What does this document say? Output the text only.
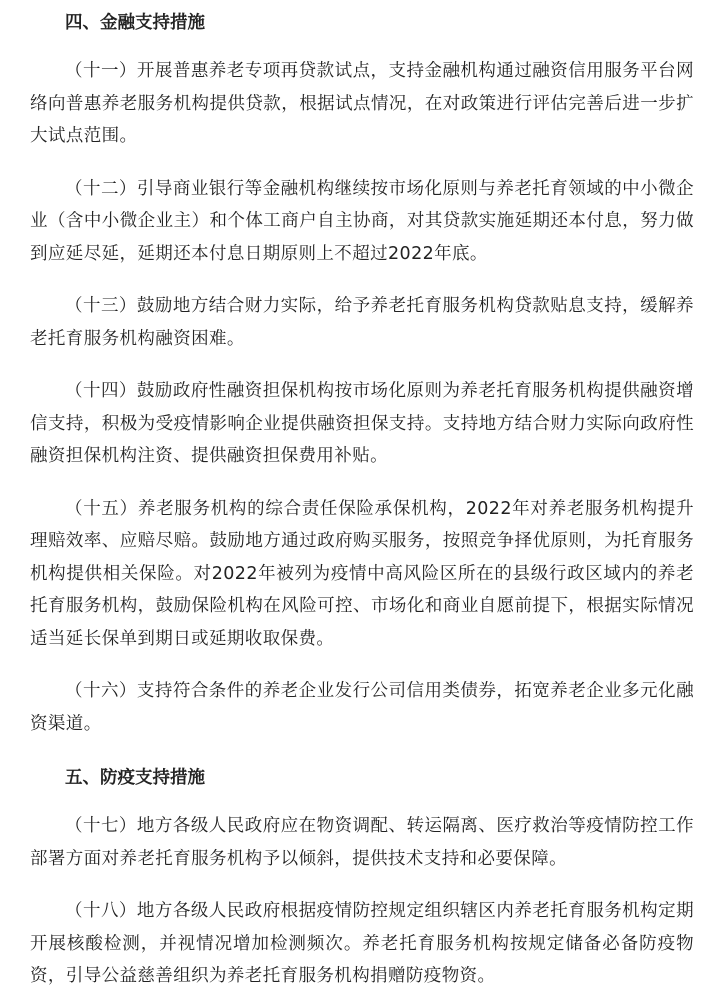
四、金融支持措施

（十一）开展普惠养老专项再贷款试点，支持金融机构通过融资信用服务平台网络向普惠养老服务机构提供贷款，根据试点情况，在对政策进行评估完善后进一步扩大试点范围。

（十二）引导商业银行等金融机构继续按市场化原则与养老托育领域的中小微企业（含中小微企业主）和个体工商户自主协商，对其贷款实施延期还本付息，努力做到应延尽延，延期还本付息日期原则上不超过2022年底。

（十三）鼓励地方结合财力实际，给予养老托育服务机构贷款贴息支持，缓解养老托育服务机构融资困难。

（十四）鼓励政府性融资担保机构按市场化原则为养老托育服务机构提供融资增信支持，积极为受疫情影响企业提供融资担保支持。支持地方结合财力实际向政府性融资担保机构注资、提供融资担保费用补贴。

（十五）养老服务机构的综合责任保险承保机构，2022年对养老服务机构提升理赔效率、应赔尽赔。鼓励地方通过政府购买服务，按照竞争择优原则，为托育服务机构提供相关保险。对2022年被列为疫情中高风险区所在的县级行政区域内的养老托育服务机构，鼓励保险机构在风险可控、市场化和商业自愿前提下，根据实际情况适当延长保单到期日或延期收取保费。

（十六）支持符合条件的养老企业发行公司信用类债券，拓宽养老企业多元化融资渠道。

五、防疫支持措施

（十七）地方各级人民政府应在物资调配、转运隔离、医疗救治等疫情防控工作部署方面对养老托育服务机构予以倾斜，提供技术支持和必要保障。

（十八）地方各级人民政府根据疫情防控规定组织辖区内养老托育服务机构定期开展核酸检测，并视情况增加检测频次。养老托育服务机构按规定储备必备防疫物资，引导公益慈善组织为养老托育服务机构捐赠防疫物资。
